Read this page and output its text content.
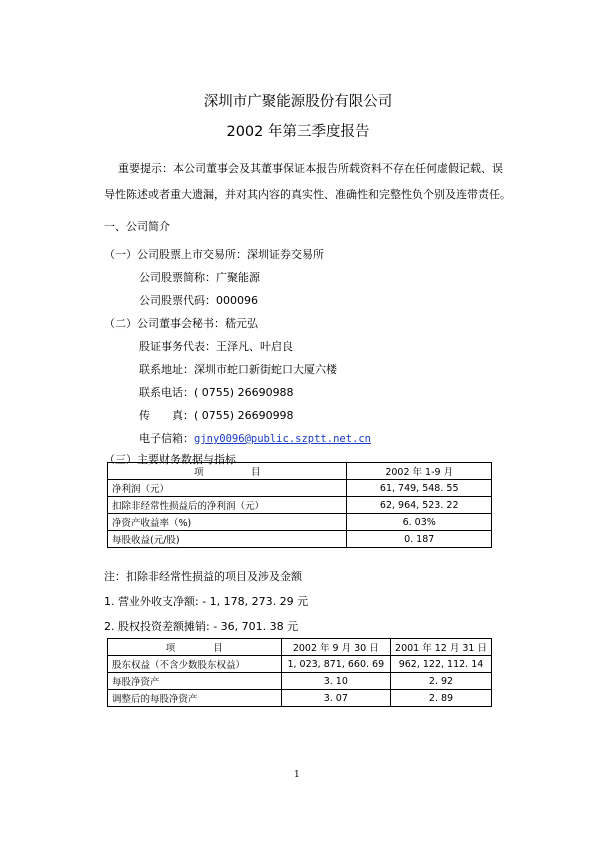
深圳市广聚能源股份有限公司
2002 年第三季度报告
重要提示：本公司董事会及其董事保证本报告所载资料不存在任何虚假记载、误
导性陈述或者重大遗漏，并对其内容的真实性、准确性和完整性负个别及连带责任。
一、公司简介
（一）公司股票上市交易所：深圳证券交易所
公司股票简称：广聚能源
公司股票代码：000096
（二）公司董事会秘书：嵇元弘
股证事务代表：王泽凡、叶启良
联系地址：深圳市蛇口新街蛇口大厦六楼
联系电话：( 0755) 26690988
传　　真：( 0755) 26690998
电子信箱：gjny0096@public.szptt.net.cn
（三）主要财务数据与指标
项　　　　　目	2002 年 1-9 月
净利润（元）	61, 749, 548. 55
扣除非经常性损益后的净利润（元）	62, 964, 523. 22
净资产收益率（%)	6. 03%
每股收益(元/股)	0. 187
注：扣除非经常性损益的项目及涉及金额
1. 营业外收支净额: - 1, 178, 273. 29 元
2. 股权投资差额摊销: - 36, 701. 38 元
项　　　　目	2002 年 9 月 30 日	2001 年 12 月 31 日
股东权益（不含少数股东权益）	1, 023, 871, 660. 69	962, 122, 112. 14
每股净资产	3. 10	2. 92
调整后的每股净资产	3. 07	2. 89
1
